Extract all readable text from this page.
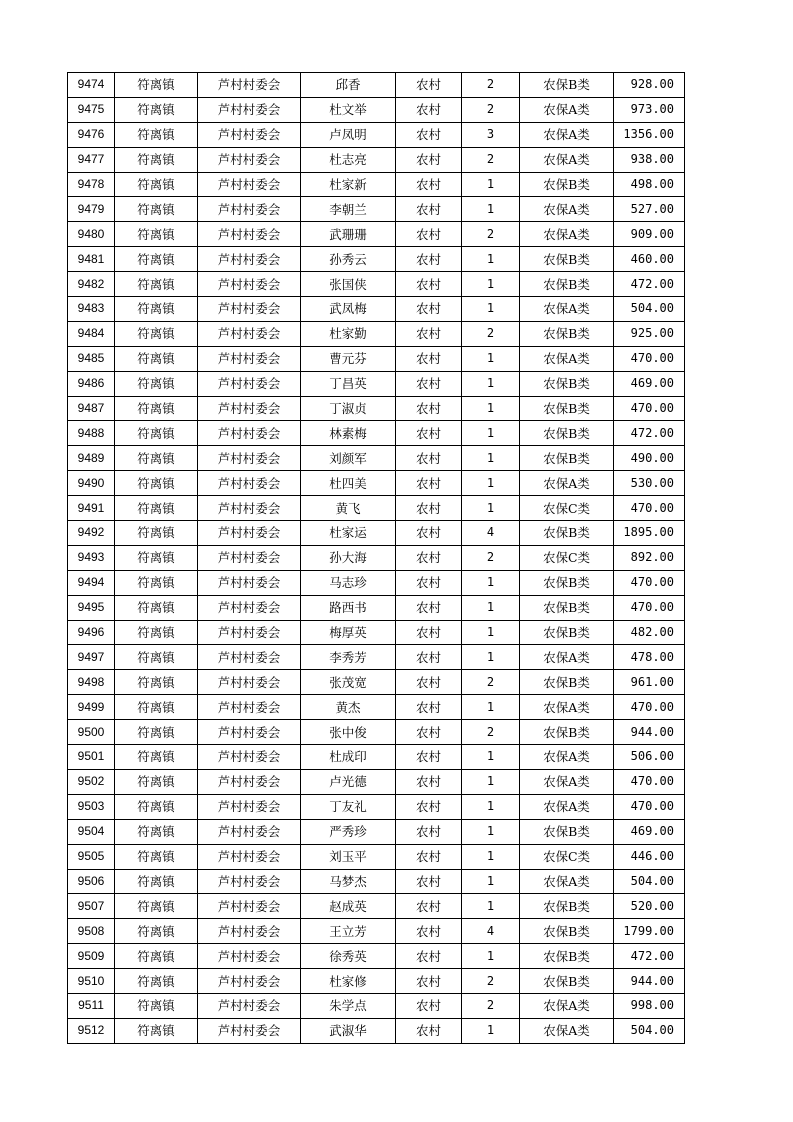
9474	符离镇	芦村村委会	邱香	农村	2	农保B类	928.00
9475	符离镇	芦村村委会	杜文举	农村	2	农保A类	973.00
9476	符离镇	芦村村委会	卢凤明	农村	3	农保A类	1356.00
9477	符离镇	芦村村委会	杜志亮	农村	2	农保A类	938.00
9478	符离镇	芦村村委会	杜家新	农村	1	农保B类	498.00
9479	符离镇	芦村村委会	李朝兰	农村	1	农保A类	527.00
9480	符离镇	芦村村委会	武珊珊	农村	2	农保A类	909.00
9481	符离镇	芦村村委会	孙秀云	农村	1	农保B类	460.00
9482	符离镇	芦村村委会	张国侠	农村	1	农保B类	472.00
9483	符离镇	芦村村委会	武凤梅	农村	1	农保A类	504.00
9484	符离镇	芦村村委会	杜家勤	农村	2	农保B类	925.00
9485	符离镇	芦村村委会	曹元芬	农村	1	农保A类	470.00
9486	符离镇	芦村村委会	丁昌英	农村	1	农保B类	469.00
9487	符离镇	芦村村委会	丁淑贞	农村	1	农保B类	470.00
9488	符离镇	芦村村委会	林素梅	农村	1	农保B类	472.00
9489	符离镇	芦村村委会	刘颜军	农村	1	农保B类	490.00
9490	符离镇	芦村村委会	杜四美	农村	1	农保A类	530.00
9491	符离镇	芦村村委会	黄飞	农村	1	农保C类	470.00
9492	符离镇	芦村村委会	杜家运	农村	4	农保B类	1895.00
9493	符离镇	芦村村委会	孙大海	农村	2	农保C类	892.00
9494	符离镇	芦村村委会	马志珍	农村	1	农保B类	470.00
9495	符离镇	芦村村委会	路西书	农村	1	农保B类	470.00
9496	符离镇	芦村村委会	梅厚英	农村	1	农保B类	482.00
9497	符离镇	芦村村委会	李秀芳	农村	1	农保A类	478.00
9498	符离镇	芦村村委会	张茂宽	农村	2	农保B类	961.00
9499	符离镇	芦村村委会	黄杰	农村	1	农保A类	470.00
9500	符离镇	芦村村委会	张中俊	农村	2	农保B类	944.00
9501	符离镇	芦村村委会	杜成印	农村	1	农保A类	506.00
9502	符离镇	芦村村委会	卢光德	农村	1	农保A类	470.00
9503	符离镇	芦村村委会	丁友礼	农村	1	农保A类	470.00
9504	符离镇	芦村村委会	严秀珍	农村	1	农保B类	469.00
9505	符离镇	芦村村委会	刘玉平	农村	1	农保C类	446.00
9506	符离镇	芦村村委会	马梦杰	农村	1	农保A类	504.00
9507	符离镇	芦村村委会	赵成英	农村	1	农保B类	520.00
9508	符离镇	芦村村委会	王立芳	农村	4	农保B类	1799.00
9509	符离镇	芦村村委会	徐秀英	农村	1	农保B类	472.00
9510	符离镇	芦村村委会	杜家修	农村	2	农保B类	944.00
9511	符离镇	芦村村委会	朱学点	农村	2	农保A类	998.00
9512	符离镇	芦村村委会	武淑华	农村	1	农保A类	504.00
